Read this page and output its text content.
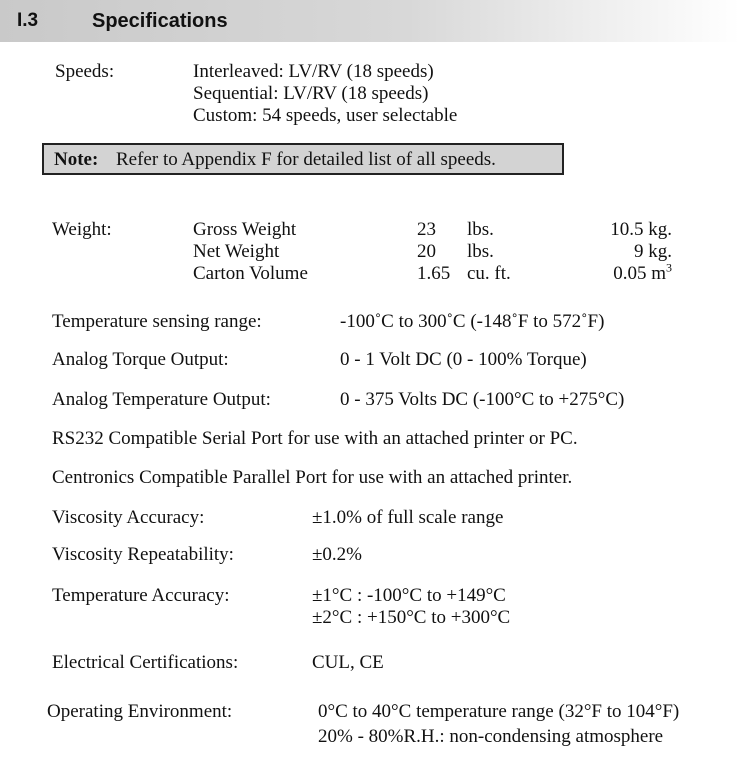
I.3	Specifications
Speeds:	Interleaved: LV/RV (18 speeds)
Sequential: LV/RV (18 speeds)
Custom: 54 speeds, user selectable
Note: Refer to Appendix F for detailed list of all speeds.
Weight:	Gross Weight	23 lbs.	10.5 kg.
Net Weight	20 lbs.	9 kg.
Carton Volume	1.65 cu. ft.	0.05 $m^3$
Temperature sensing range:	-100˚C to 300˚C (-148˚F to 572˚F)
Analog Torque Output:	0 - 1 Volt DC (0 - 100% Torque)
Analog Temperature Output:	0 - 375 Volts DC (-100°C to +275°C)
RS232 Compatible Serial Port for use with an attached printer or PC.
Centronics Compatible Parallel Port for use with an attached printer.
Viscosity Accuracy:	±1.0% of full scale range
Viscosity Repeatability:	±0.2%
Temperature Accuracy:	±1°C : -100°C to +149°C
±2°C : +150°C to +300°C
Electrical Certifications:	CUL, CE
Operating Environment:	0°C to 40°C temperature range (32°F to 104°F)
20% - 80%R.H.: non-condensing atmosphere
